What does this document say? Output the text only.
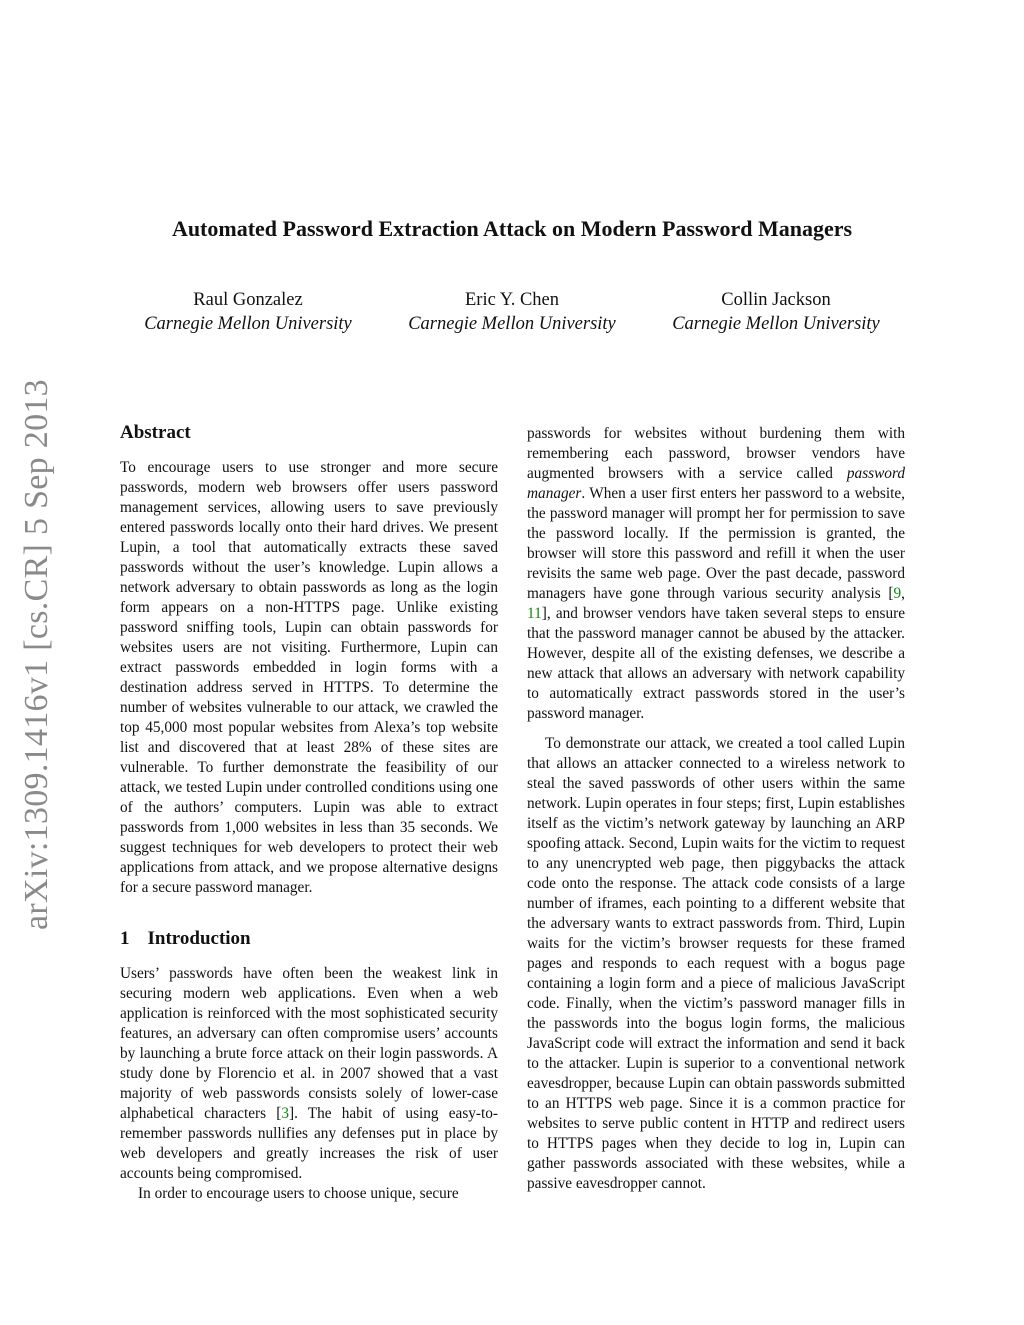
arXiv:1309.1416v1 [cs.CR] 5 Sep 2013
Automated Password Extraction Attack on Modern Password Managers
Raul Gonzalez
Carnegie Mellon University
Eric Y. Chen
Carnegie Mellon University
Collin Jackson
Carnegie Mellon University
Abstract

To encourage users to use stronger and more secure passwords, modern web browsers offer users password management services, allowing users to save previously entered passwords locally onto their hard drives. We present Lupin, a tool that automatically extracts these saved passwords without the user’s knowledge. Lupin allows a network adversary to obtain passwords as long as the login form appears on a non-HTTPS page. Unlike existing password sniffing tools, Lupin can obtain passwords for websites users are not visiting. Furthermore, Lupin can extract passwords embedded in login forms with a destination address served in HTTPS. To determine the number of websites vulnerable to our attack, we crawled the top 45,000 most popular websites from Alexa’s top website list and discovered that at least 28% of these sites are vulnerable. To further demonstrate the feasibility of our attack, we tested Lupin under controlled conditions using one of the authors’ computers. Lupin was able to extract passwords from 1,000 websites in less than 35 seconds. We suggest techniques for web developers to protect their web applications from attack, and we propose alternative designs for a secure password manager.

1 Introduction

Users’ passwords have often been the weakest link in securing modern web applications. Even when a web application is reinforced with the most sophisticated security features, an adversary can often compromise users’ accounts by launching a brute force attack on their login passwords. A study done by Florencio et al. in 2007 showed that a vast majority of web passwords consists solely of lower-case alphabetical characters [3]. The habit of using easy-to-remember passwords nullifies any defenses put in place by web developers and greatly increases the risk of user accounts being compromised.

In order to encourage users to choose unique, secure

passwords for websites without burdening them with remembering each password, browser vendors have augmented browsers with a service called password manager. When a user first enters her password to a website, the password manager will prompt her for permission to save the password locally. If the permission is granted, the browser will store this password and refill it when the user revisits the same web page. Over the past decade, password managers have gone through various security analysis [9, 11], and browser vendors have taken several steps to ensure that the password manager cannot be abused by the attacker. However, despite all of the existing defenses, we describe a new attack that allows an adversary with network capability to automatically extract passwords stored in the user’s password manager.

To demonstrate our attack, we created a tool called Lupin that allows an attacker connected to a wireless network to steal the saved passwords of other users within the same network. Lupin operates in four steps; first, Lupin establishes itself as the victim’s network gateway by launching an ARP spoofing attack. Second, Lupin waits for the victim to request to any unencrypted web page, then piggybacks the attack code onto the response. The attack code consists of a large number of iframes, each pointing to a different website that the adversary wants to extract passwords from. Third, Lupin waits for the victim’s browser requests for these framed pages and responds to each request with a bogus page containing a login form and a piece of malicious JavaScript code. Finally, when the victim’s password manager fills in the passwords into the bogus login forms, the malicious JavaScript code will extract the information and send it back to the attacker. Lupin is superior to a conventional network eavesdropper, because Lupin can obtain passwords submitted to an HTTPS web page. Since it is a common practice for websites to serve public content in HTTP and redirect users to HTTPS pages when they decide to log in, Lupin can gather passwords associated with these websites, while a passive eavesdropper cannot.
